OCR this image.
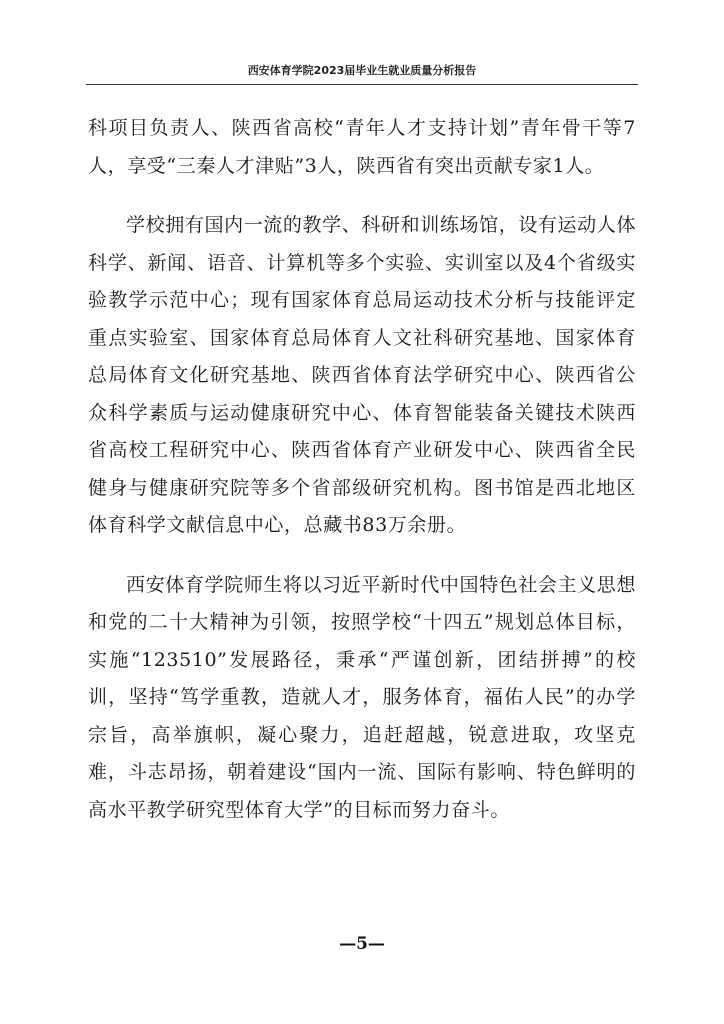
西安体育学院2023届毕业生就业质量分析报告

科项目负责人、陕西省高校“青年人才支持计划”青年骨干等7人，享受“三秦人才津贴”3人，陕西省有突出贡献专家1人。

学校拥有国内一流的教学、科研和训练场馆，设有运动人体科学、新闻、语音、计算机等多个实验、实训室以及4个省级实验教学示范中心；现有国家体育总局运动技术分析与技能评定重点实验室、国家体育总局体育人文社科研究基地、国家体育总局体育文化研究基地、陕西省体育法学研究中心、陕西省公众科学素质与运动健康研究中心、体育智能装备关键技术陕西省高校工程研究中心、陕西省体育产业研发中心、陕西省全民健身与健康研究院等多个省部级研究机构。图书馆是西北地区体育科学文献信息中心，总藏书83万余册。

西安体育学院师生将以习近平新时代中国特色社会主义思想和党的二十大精神为引领，按照学校“十四五”规划总体目标，实施“123510”发展路径，秉承“严谨创新，团结拼搏”的校训，坚持“笃学重教，造就人才，服务体育，福佑人民”的办学宗旨，高举旗帜，凝心聚力，追赶超越，锐意进取，攻坚克难，斗志昂扬，朝着建设“国内一流、国际有影响、特色鲜明的高水平教学研究型体育大学”的目标而努力奋斗。

—5—
